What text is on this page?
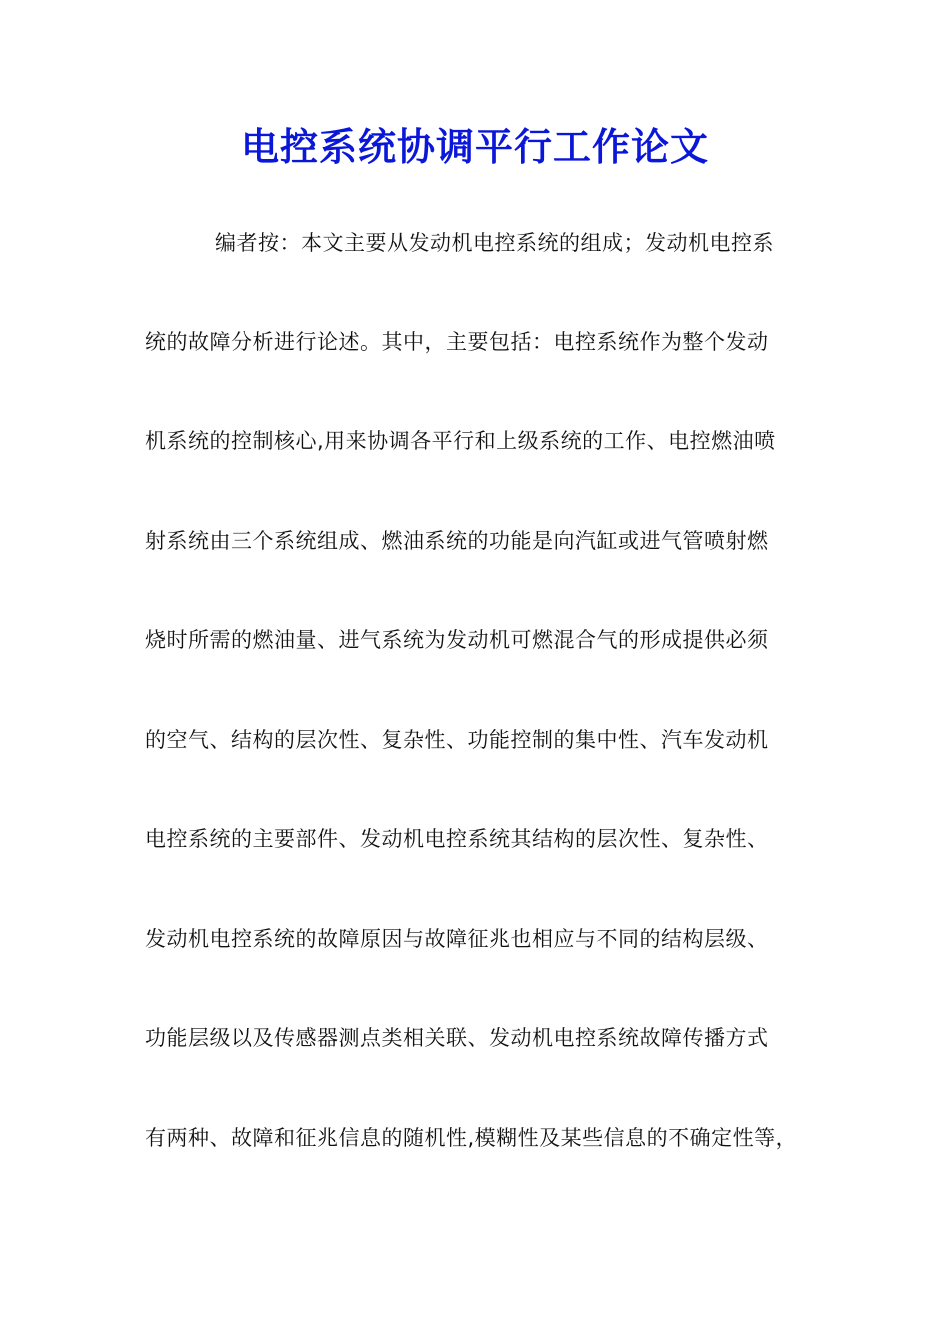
电控系统协调平行工作论文
编者按：本文主要从发动机电控系统的组成；发动机电控系
统的故障分析进行论述。其中，主要包括：电控系统作为整个发动
机系统的控制核心,用来协调各平行和上级系统的工作、电控燃油喷
射系统由三个系统组成、燃油系统的功能是向汽缸或进气管喷射燃
烧时所需的燃油量、进气系统为发动机可燃混合气的形成提供必须
的空气、结构的层次性、复杂性、功能控制的集中性、汽车发动机
电控系统的主要部件、发动机电控系统其结构的层次性、复杂性、
发动机电控系统的故障原因与故障征兆也相应与不同的结构层级、
功能层级以及传感器测点类相关联、发动机电控系统故障传播方式
有两种、故障和征兆信息的随机性,模糊性及某些信息的不确定性等，
